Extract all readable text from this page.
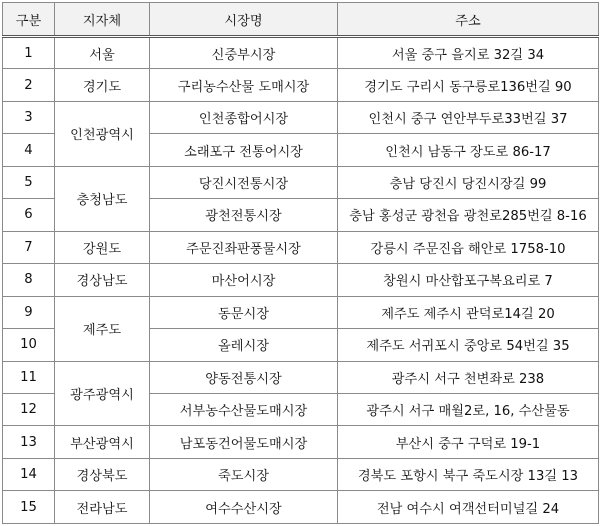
구분	지자체	시장명	주소
1	서울	신중부시장	서울 중구 을지로 32길 34
2	경기도	구리농수산물 도매시장	경기도 구리시 동구릉로136번길 90
3	인천광역시	인천종합어시장	인천시 중구 연안부두로33번길 37
4		소래포구 전통어시장	인천시 남동구 장도로 86-17
5	충청남도	당진시전통시장	충남 당진시 당진시장길 99
6		광천전통시장	충남 홍성군 광천읍 광천로285번길 8-16
7	강원도	주문진좌판풍물시장	강릉시 주문진읍 해안로 1758-10
8	경상남도	마산어시장	창원시 마산합포구복요리로 7
9	제주도	동문시장	제주도 제주시 관덕로14길 20
10		올레시장	제주도 서귀포시 중앙로 54번길 35
11	광주광역시	양동전통시장	광주시 서구 천변좌로 238
12		서부농수산물도매시장	광주시 서구 매월2로, 16, 수산물동
13	부산광역시	남포동건어물도매시장	부산시 중구 구덕로 19-1
14	경상북도	죽도시장	경북도 포항시 북구 죽도시장 13길 13
15	전라남도	여수수산시장	전남 여수시 여객선터미널길 24
